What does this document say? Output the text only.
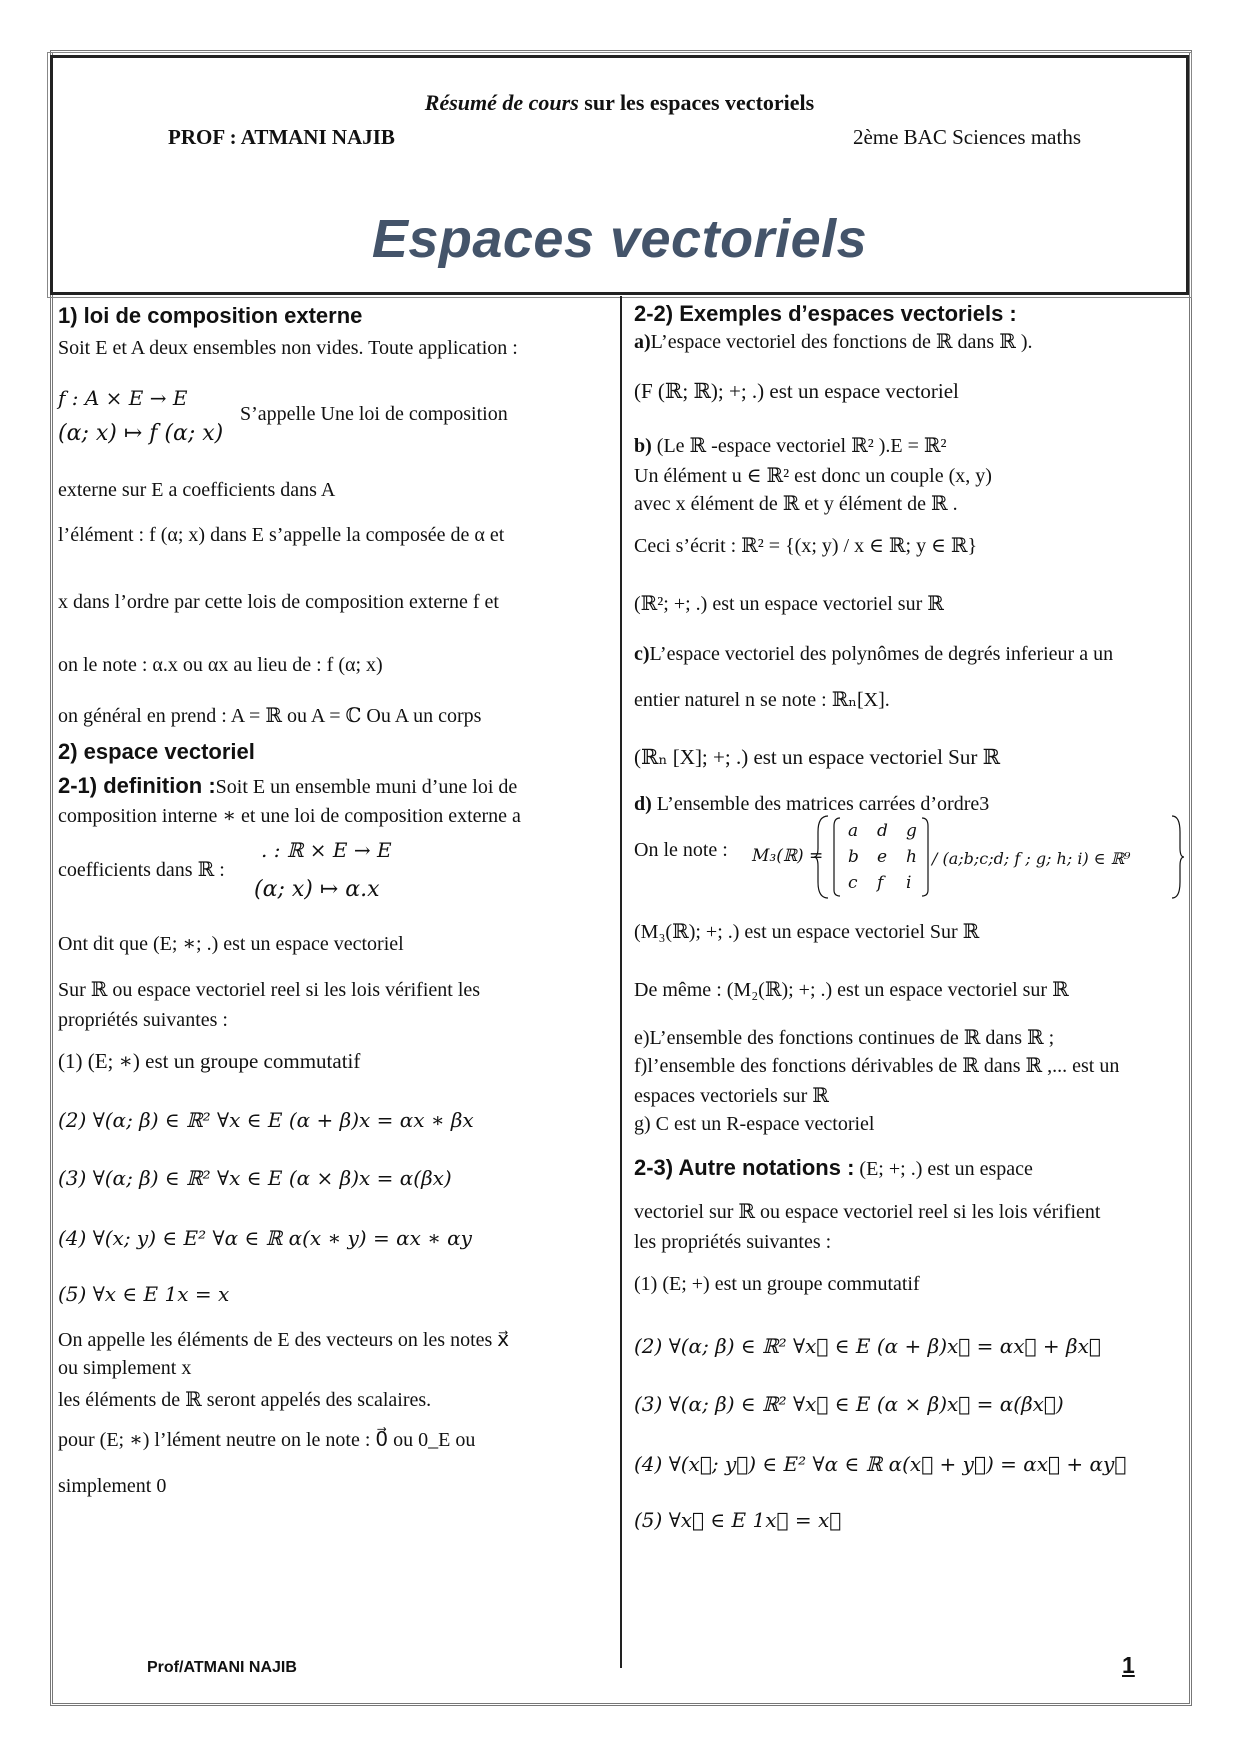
Résumé de cours sur les espaces vectoriels
PROF : ATMANI NAJIB	2ème BAC Sciences maths
Espaces vectoriels
1) loi de composition externe
Soit E et A deux ensembles non vides. Toute application :
f : A × E → E
(α; x) ↦ f (α; x)
S’appelle Une loi de composition
externe sur E a coefficients dans A
l’élément : f (α; x) dans E s’appelle la composée de α et
x dans l’ordre par cette lois de composition externe f et
on le note : α.x ou αx au lieu de : f (α; x)
on général en prend : A = ℝ ou A = ℂ Ou A un corps
2) espace vectoriel
2-1) definition :Soit E un ensemble muni d’une loi de
composition interne ∗ et une loi de composition externe a
coefficients dans ℝ :
. : ℝ × E → E
(α; x) ↦ α.x
Ont dit que (E; ∗; .) est un espace vectoriel
Sur ℝ ou espace vectoriel reel si les lois vérifient les
propriétés suivantes :
(1) (E; ∗) est un groupe commutatif
(2) ∀(α; β) ∈ ℝ² ∀x ∈ E (α + β)x = αx ∗ βx
(3) ∀(α; β) ∈ ℝ² ∀x ∈ E (α × β)x = α(βx)
(4) ∀(x; y) ∈ E² ∀α ∈ ℝ α(x ∗ y) = αx ∗ αy
(5) ∀x ∈ E 1x = x
On appelle les éléments de E des vecteurs on les notes x⃗
ou simplement x
les éléments de ℝ seront appelés des scalaires.
pour (E; ∗) l’lément neutre on le note : 0⃗ ou 0_E ou
simplement 0
2-2) Exemples d’espaces vectoriels :
a)L’espace vectoriel des fonctions de ℝ dans ℝ ).
(F (ℝ; ℝ); +; .) est un espace vectoriel
b) (Le ℝ -espace vectoriel ℝ² ).E = ℝ²
Un élément u ∈ ℝ² est donc un couple (x, y)
avec x élément de ℝ et y élément de ℝ .
Ceci s’écrit : ℝ² = {(x; y) / x ∈ ℝ; y ∈ ℝ}
(ℝ²; +; .) est un espace vectoriel sur ℝ
c)L’espace vectoriel des polynômes de degrés inferieur a un
entier naturel n se note : ℝₙ[X].
(ℝₙ [X]; +; .) est un espace vectoriel Sur ℝ
d) L’ensemble des matrices carrées d’ordre3
On le note : M₃(ℝ) =
a d g
b e h
c f i
/ (a;b;c;d; f ; g; h; i) ∈ ℝ⁹
(M₃(ℝ); +; .) est un espace vectoriel Sur ℝ
De même : (M₂(ℝ); +; .) est un espace vectoriel sur ℝ
e)L’ensemble des fonctions continues de ℝ dans ℝ ;
f)l’ensemble des fonctions dérivables de ℝ dans ℝ ,... est un
espaces vectoriels sur ℝ
g) C est un R-espace vectoriel
2-3) Autre notations : (E; +; .) est un espace
vectoriel sur ℝ ou espace vectoriel reel si les lois vérifient
les propriétés suivantes :
(1) (E; +) est un groupe commutatif
(2) ∀(α; β) ∈ ℝ² ∀x⃗ ∈ E (α + β)x⃗ = αx⃗ + βx⃗
(3) ∀(α; β) ∈ ℝ² ∀x⃗ ∈ E (α × β)x⃗ = α(βx⃗)
(4) ∀(x⃗; y⃗) ∈ E² ∀α ∈ ℝ α(x⃗ + y⃗) = αx⃗ + αy⃗
(5) ∀x⃗ ∈ E 1x⃗ = x⃗
Prof/ATMANI NAJIB	1
